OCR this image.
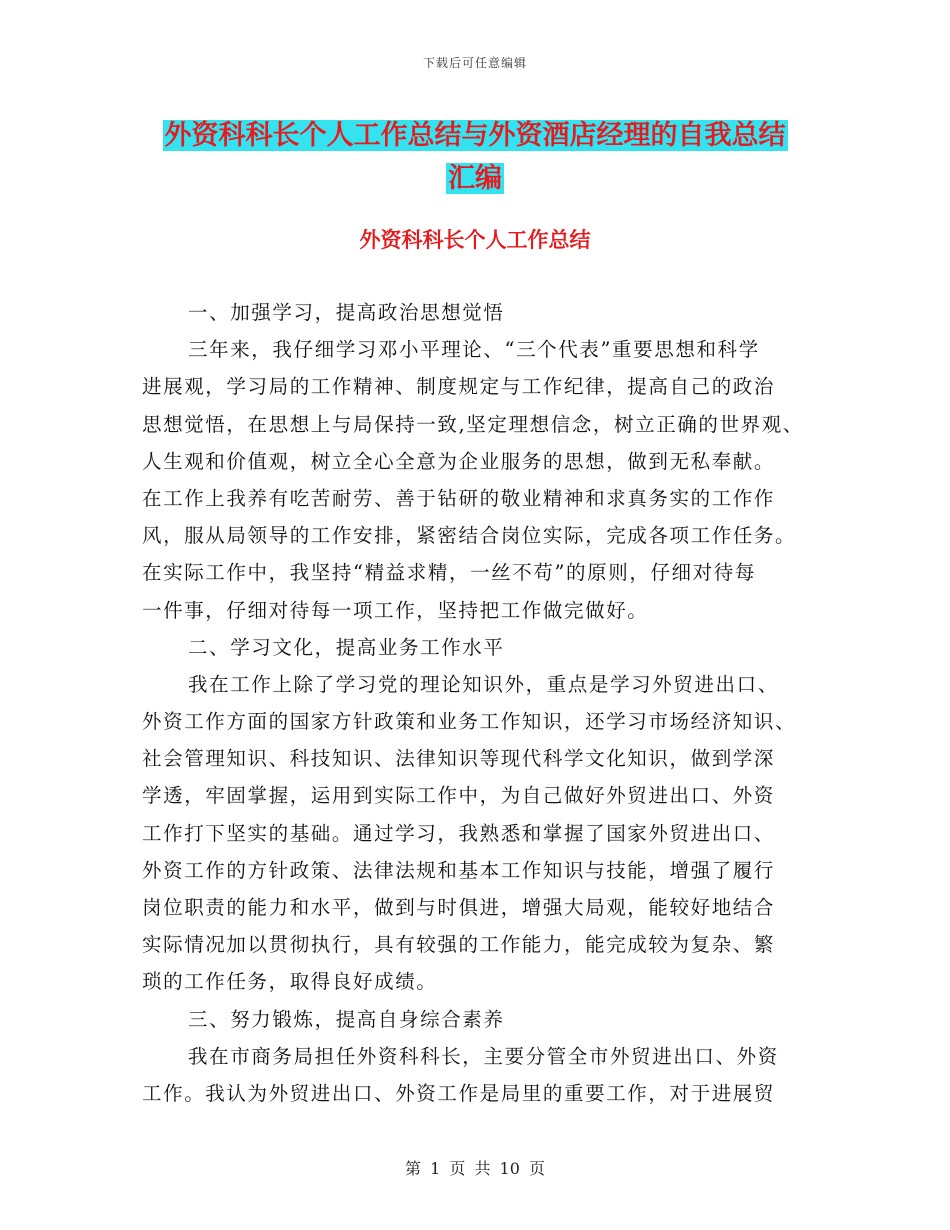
下载后可任意编辑
外资科科长个人工作总结与外资酒店经理的自我总结
汇编
外资科科长个人工作总结
一、加强学习，提高政治思想觉悟
三年来，我仔细学习邓小平理论、“三个代表”重要思想和科学
进展观，学习局的工作精神、制度规定与工作纪律，提高自己的政治
思想觉悟，在思想上与局保持一致,坚定理想信念，树立正确的世界观、
人生观和价值观，树立全心全意为企业服务的思想，做到无私奉献。
在工作上我养有吃苦耐劳、善于钻研的敬业精神和求真务实的工作作
风，服从局领导的工作安排，紧密结合岗位实际，完成各项工作任务。
在实际工作中，我坚持“精益求精，一丝不苟”的原则，仔细对待每
一件事，仔细对待每一项工作，坚持把工作做完做好。
二、学习文化，提高业务工作水平
我在工作上除了学习党的理论知识外，重点是学习外贸进出口、
外资工作方面的国家方针政策和业务工作知识，还学习市场经济知识、
社会管理知识、科技知识、法律知识等现代科学文化知识，做到学深
学透，牢固掌握，运用到实际工作中，为自己做好外贸进出口、外资
工作打下坚实的基础。通过学习，我熟悉和掌握了国家外贸进出口、
外资工作的方针政策、法律法规和基本工作知识与技能，增强了履行
岗位职责的能力和水平，做到与时俱进，增强大局观，能较好地结合
实际情况加以贯彻执行，具有较强的工作能力，能完成较为复杂、繁
琐的工作任务，取得良好成绩。
三、努力锻炼，提高自身综合素养
我在市商务局担任外资科科长，主要分管全市外贸进出口、外资
工作。我认为外贸进出口、外资工作是局里的重要工作，对于进展贸
第 1 页 共 10 页
